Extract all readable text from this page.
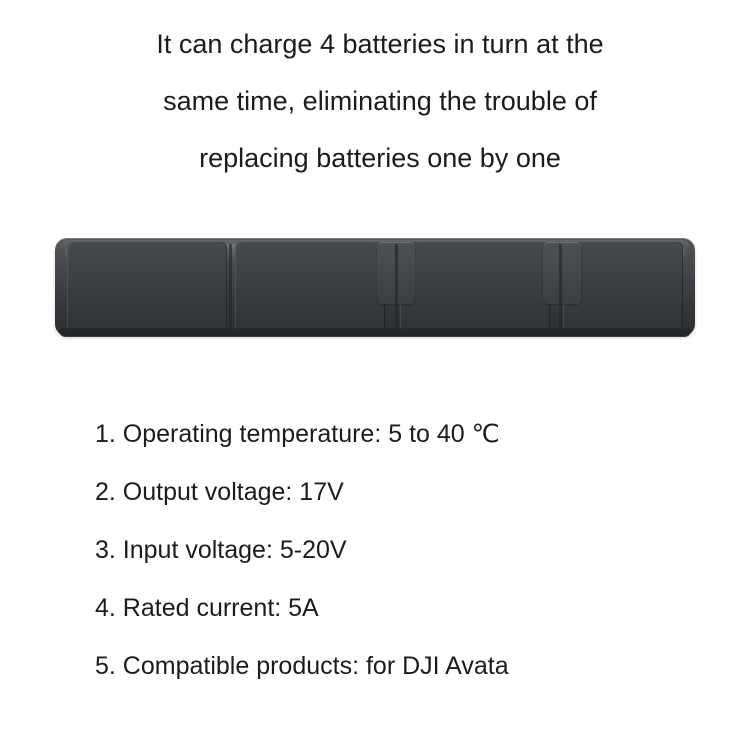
It can charge 4 batteries in turn at the
same time, eliminating the trouble of
replacing batteries one by one
1. Operating temperature: 5 to 40 ℃
2. Output voltage: 17V
3. Input voltage: 5-20V
4. Rated current: 5A
5. Compatible products: for DJI Avata
